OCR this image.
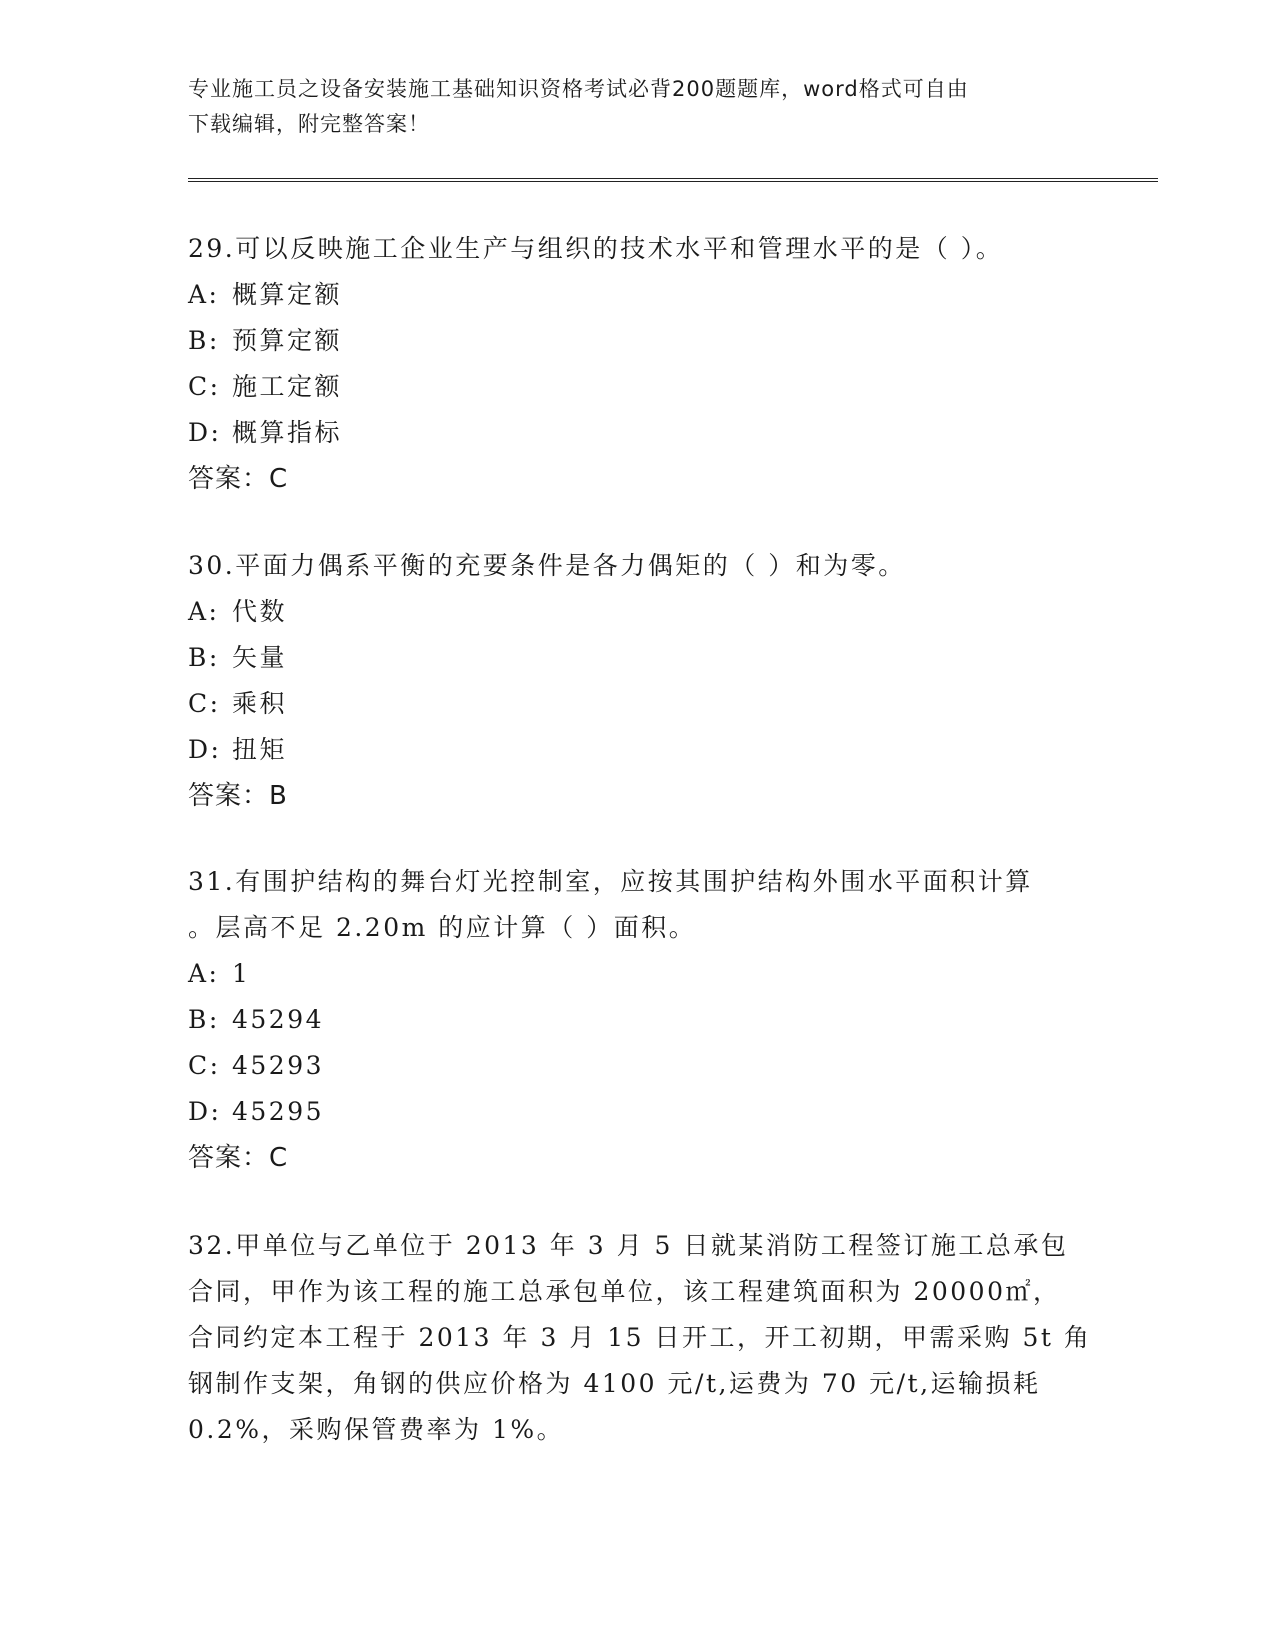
专业施工员之设备安装施工基础知识资格考试必背200题题库，word格式可自由
下载编辑，附完整答案！
29.可以反映施工企业生产与组织的技术水平和管理水平的是（ ）。
A: 概算定额
B: 预算定额
C: 施工定额
D: 概算指标
答案：C
30.平面力偶系平衡的充要条件是各力偶矩的（ ）和为零。
A: 代数
B: 矢量
C: 乘积
D: 扭矩
答案：B
31.有围护结构的舞台灯光控制室，应按其围护结构外围水平面积计算
。层高不足 2.20m 的应计算（ ）面积。
A: 1
B: 45294
C: 45293
D: 45295
答案：C
32.甲单位与乙单位于 2013 年 3 月 5 日就某消防工程签订施工总承包
合同，甲作为该工程的施工总承包单位，该工程建筑面积为 20000㎡，
合同约定本工程于 2013 年 3 月 15 日开工，开工初期，甲需采购 5t 角
钢制作支架，角钢的供应价格为 4100 元/t,运费为 70 元/t,运输损耗
0.2%，采购保管费率为 1%。
